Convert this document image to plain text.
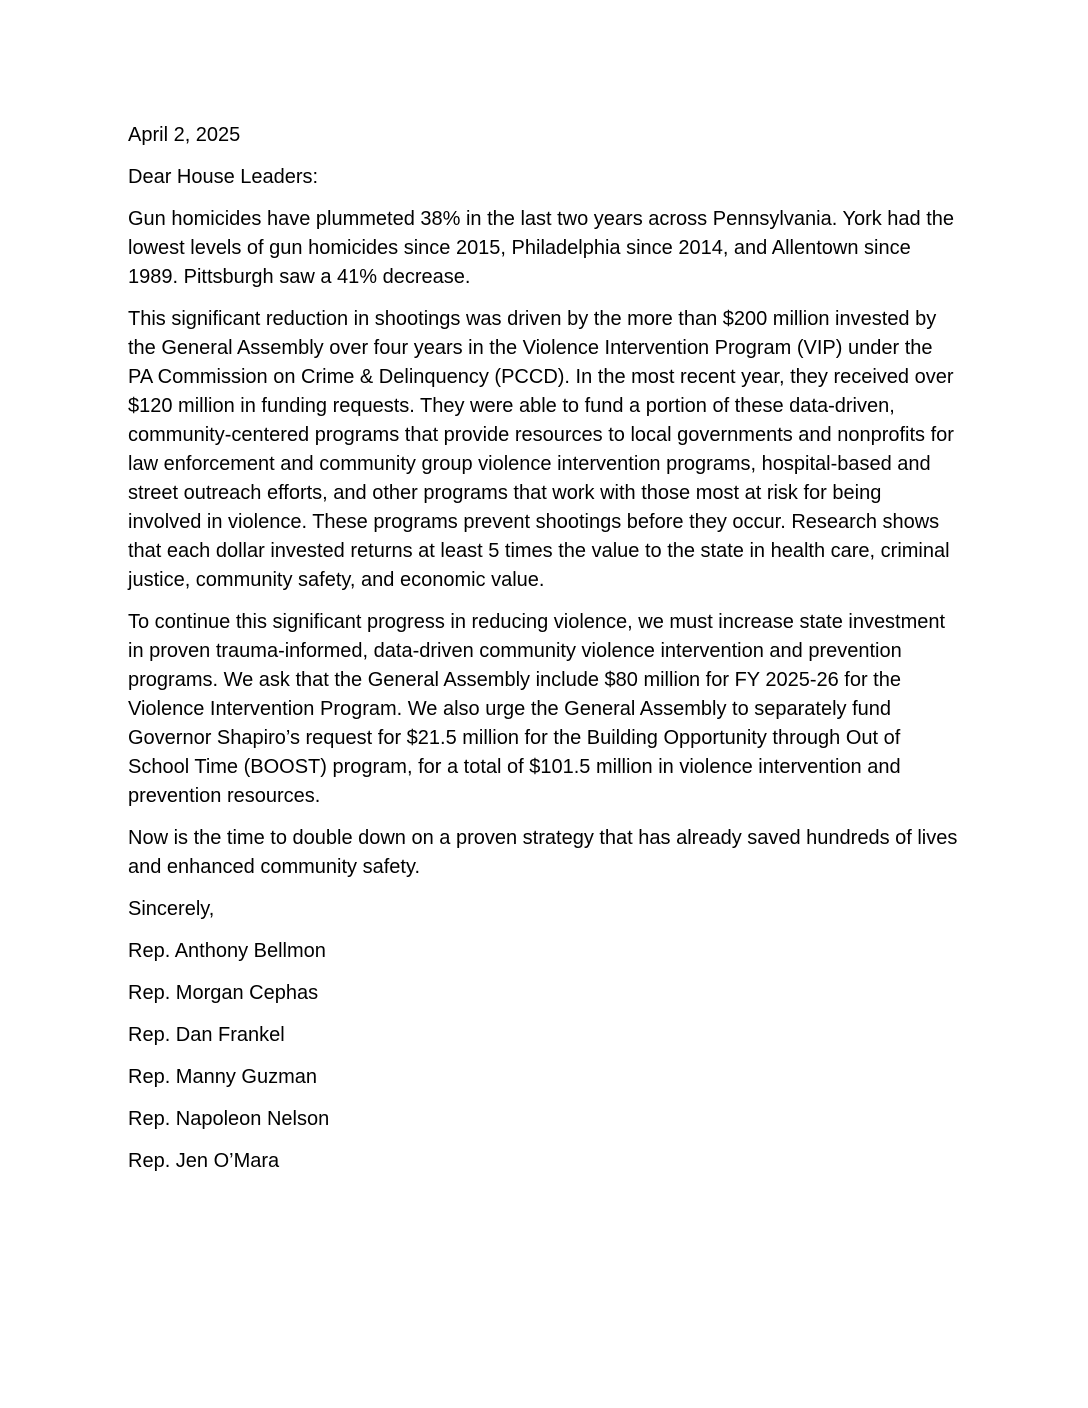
April 2, 2025

Dear House Leaders:

Gun homicides have plummeted 38% in the last two years across Pennsylvania. York had the lowest levels of gun homicides since 2015, Philadelphia since 2014, and Allentown since 1989. Pittsburgh saw a 41% decrease.

This significant reduction in shootings was driven by the more than $200 million invested by the General Assembly over four years in the Violence Intervention Program (VIP) under the PA Commission on Crime & Delinquency (PCCD). In the most recent year, they received over $120 million in funding requests. They were able to fund a portion of these data-driven, community-centered programs that provide resources to local governments and nonprofits for law enforcement and community group violence intervention programs, hospital-based and street outreach efforts, and other programs that work with those most at risk for being involved in violence. These programs prevent shootings before they occur. Research shows that each dollar invested returns at least 5 times the value to the state in health care, criminal justice, community safety, and economic value.

To continue this significant progress in reducing violence, we must increase state investment in proven trauma-informed, data-driven community violence intervention and prevention programs. We ask that the General Assembly include $80 million for FY 2025-26 for the Violence Intervention Program. We also urge the General Assembly to separately fund Governor Shapiro’s request for $21.5 million for the Building Opportunity through Out of School Time (BOOST) program, for a total of $101.5 million in violence intervention and prevention resources.

Now is the time to double down on a proven strategy that has already saved hundreds of lives and enhanced community safety.

Sincerely,

Rep. Anthony Bellmon

Rep. Morgan Cephas

Rep. Dan Frankel

Rep. Manny Guzman

Rep. Napoleon Nelson

Rep. Jen O’Mara
